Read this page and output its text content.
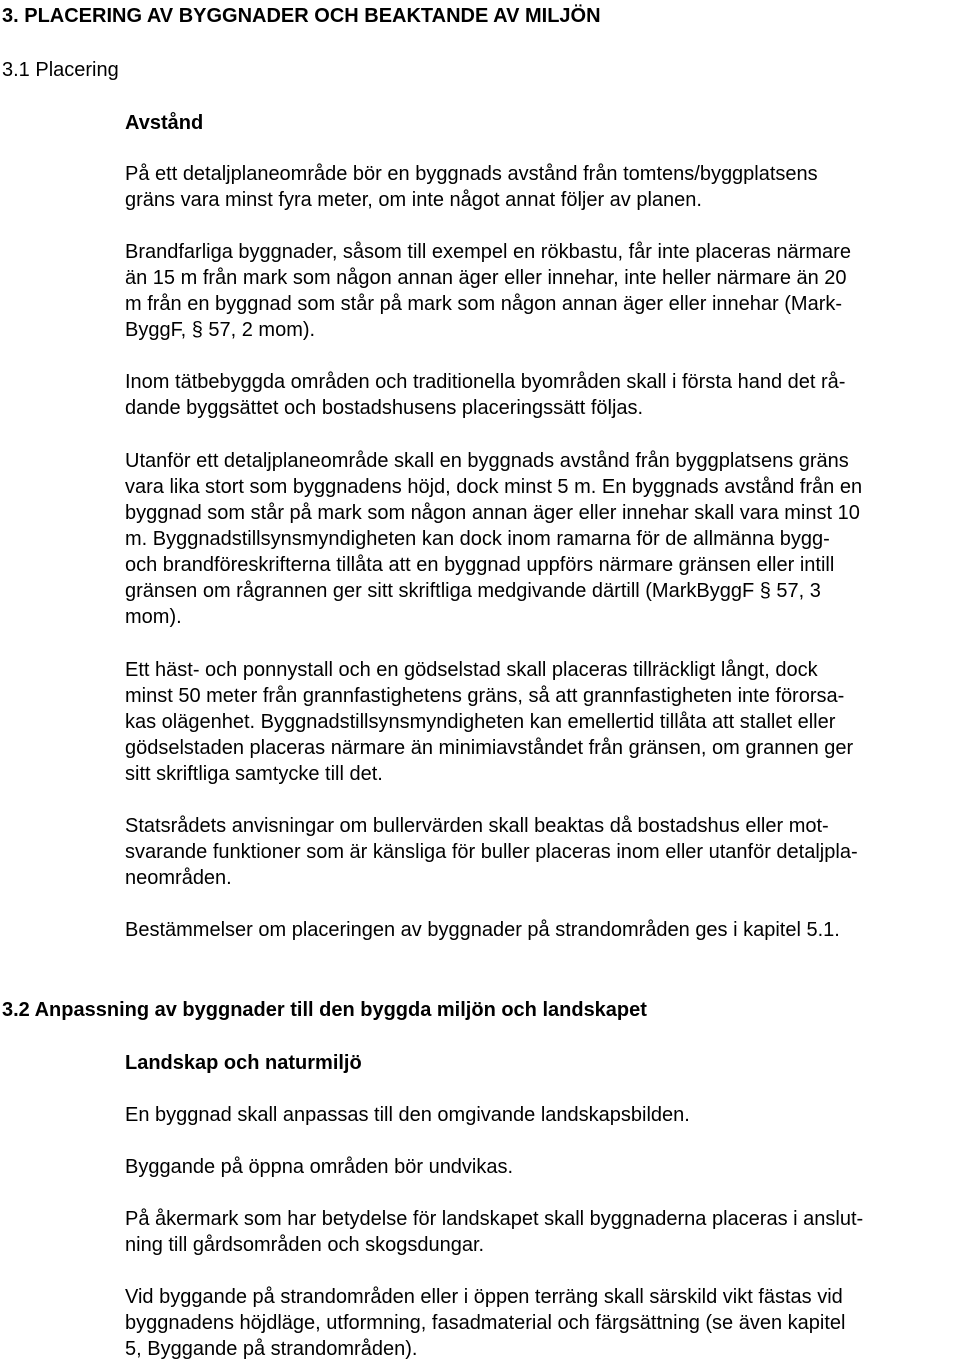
3. PLACERING AV BYGGNADER OCH BEAKTANDE AV MILJÖN
3.1 Placering
Avstånd
På ett detaljplaneområde bör en byggnads avstånd från tomtens/byggplatsens
gräns vara minst fyra meter, om inte något annat följer av planen.
Brandfarliga byggnader, såsom till exempel en rökbastu, får inte placeras närmare
än 15 m från mark som någon annan äger eller innehar, inte heller närmare än 20
m från en byggnad som står på mark som någon annan äger eller innehar (Mark-
ByggF, § 57, 2 mom).
Inom tätbebyggda områden och traditionella byområden skall i första hand det rå-
dande byggsättet och bostadshusens placeringssätt följas.
Utanför ett detaljplaneområde skall en byggnads avstånd från byggplatsens gräns
vara lika stort som byggnadens höjd, dock minst 5 m. En byggnads avstånd från en
byggnad som står på mark som någon annan äger eller innehar skall vara minst 10
m. Byggnadstillsynsmyndigheten kan dock inom ramarna för de allmänna bygg-
och brandföreskrifterna tillåta att en byggnad uppförs närmare gränsen eller intill
gränsen om rågrannen ger sitt skriftliga medgivande därtill (MarkByggF § 57, 3
mom).
Ett häst- och ponnystall och en gödselstad skall placeras tillräckligt långt, dock
minst 50 meter från grannfastighetens gräns, så att grannfastigheten inte förorsa-
kas olägenhet. Byggnadstillsynsmyndigheten kan emellertid tillåta att stallet eller
gödselstaden placeras närmare än minimiavståndet från gränsen, om grannen ger
sitt skriftliga samtycke till det.
Statsrådets anvisningar om bullervärden skall beaktas då bostadshus eller mot-
svarande funktioner som är känsliga för buller placeras inom eller utanför detaljpla-
neområden.
Bestämmelser om placeringen av byggnader på strandområden ges i kapitel 5.1.
3.2 Anpassning av byggnader till den byggda miljön och landskapet
Landskap och naturmiljö
En byggnad skall anpassas till den omgivande landskapsbilden.
Byggande på öppna områden bör undvikas.
På åkermark som har betydelse för landskapet skall byggnaderna placeras i anslut-
ning till gårdsområden och skogsdungar.
Vid byggande på strandområden eller i öppen terräng skall särskild vikt fästas vid
byggnadens höjdläge, utformning, fasadmaterial och färgsättning (se även kapitel
5, Byggande på strandområden).
